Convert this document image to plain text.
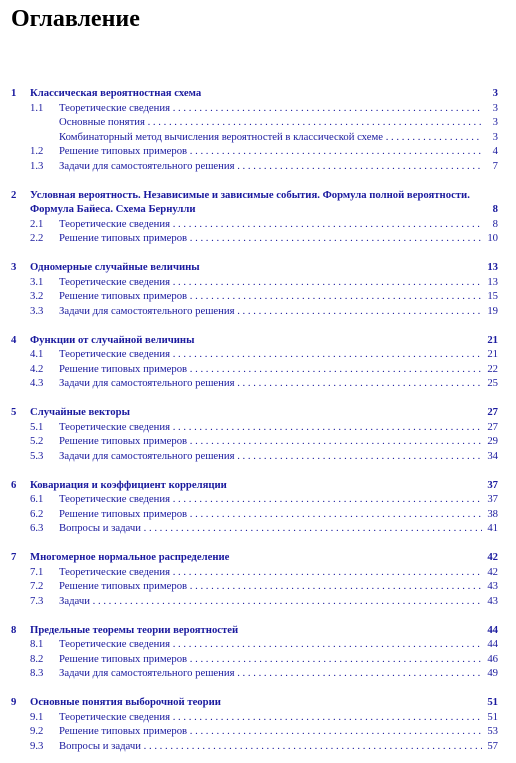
Оглавление
1 Классическая вероятностная схема	3
1.1 Теоретические сведения . . .	3
Основные понятия . . .	3
Комбинаторный метод вычисления вероятностей в классической схеме . . .	3
1.2 Решение типовых примеров . . .	4
1.3 Задачи для самостоятельного решения . . .	7
2 Условная вероятность. Независимые и зависимые события. Формула полной вероятности. Формула Байеса. Схема Бернулли	8
2.1 Теоретические сведения . . .	8
2.2 Решение типовых примеров . . .	10
3 Одномерные случайные величины	13
3.1 Теоретические сведения . . .	13
3.2 Решение типовых примеров . . .	15
3.3 Задачи для самостоятельного решения . . .	19
4 Функции от случайной величины	21
4.1 Теоретические сведения . . .	21
4.2 Решение типовых примеров . . .	22
4.3 Задачи для самостоятельного решения . . .	25
5 Случайные векторы	27
5.1 Теоретические сведения . . .	27
5.2 Решение типовых примеров . . .	29
5.3 Задачи для самостоятельного решения . . .	34
6 Ковариация и коэффициент корреляции	37
6.1 Теоретические сведения . . .	37
6.2 Решение типовых примеров . . .	38
6.3 Вопросы и задачи . . .	41
7 Многомерное нормальное распределение	42
7.1 Теоретические сведения . . .	42
7.2 Решение типовых примеров . . .	43
7.3 Задачи . . .	43
8 Предельные теоремы теории вероятностей	44
8.1 Теоретические сведения . . .	44
8.2 Решение типовых примеров . . .	46
8.3 Задачи для самостоятельного решения . . .	49
9 Основные понятия выборочной теории	51
9.1 Теоретические сведения . . .	51
9.2 Решение типовых примеров . . .	53
9.3 Вопросы и задачи . . .	57
